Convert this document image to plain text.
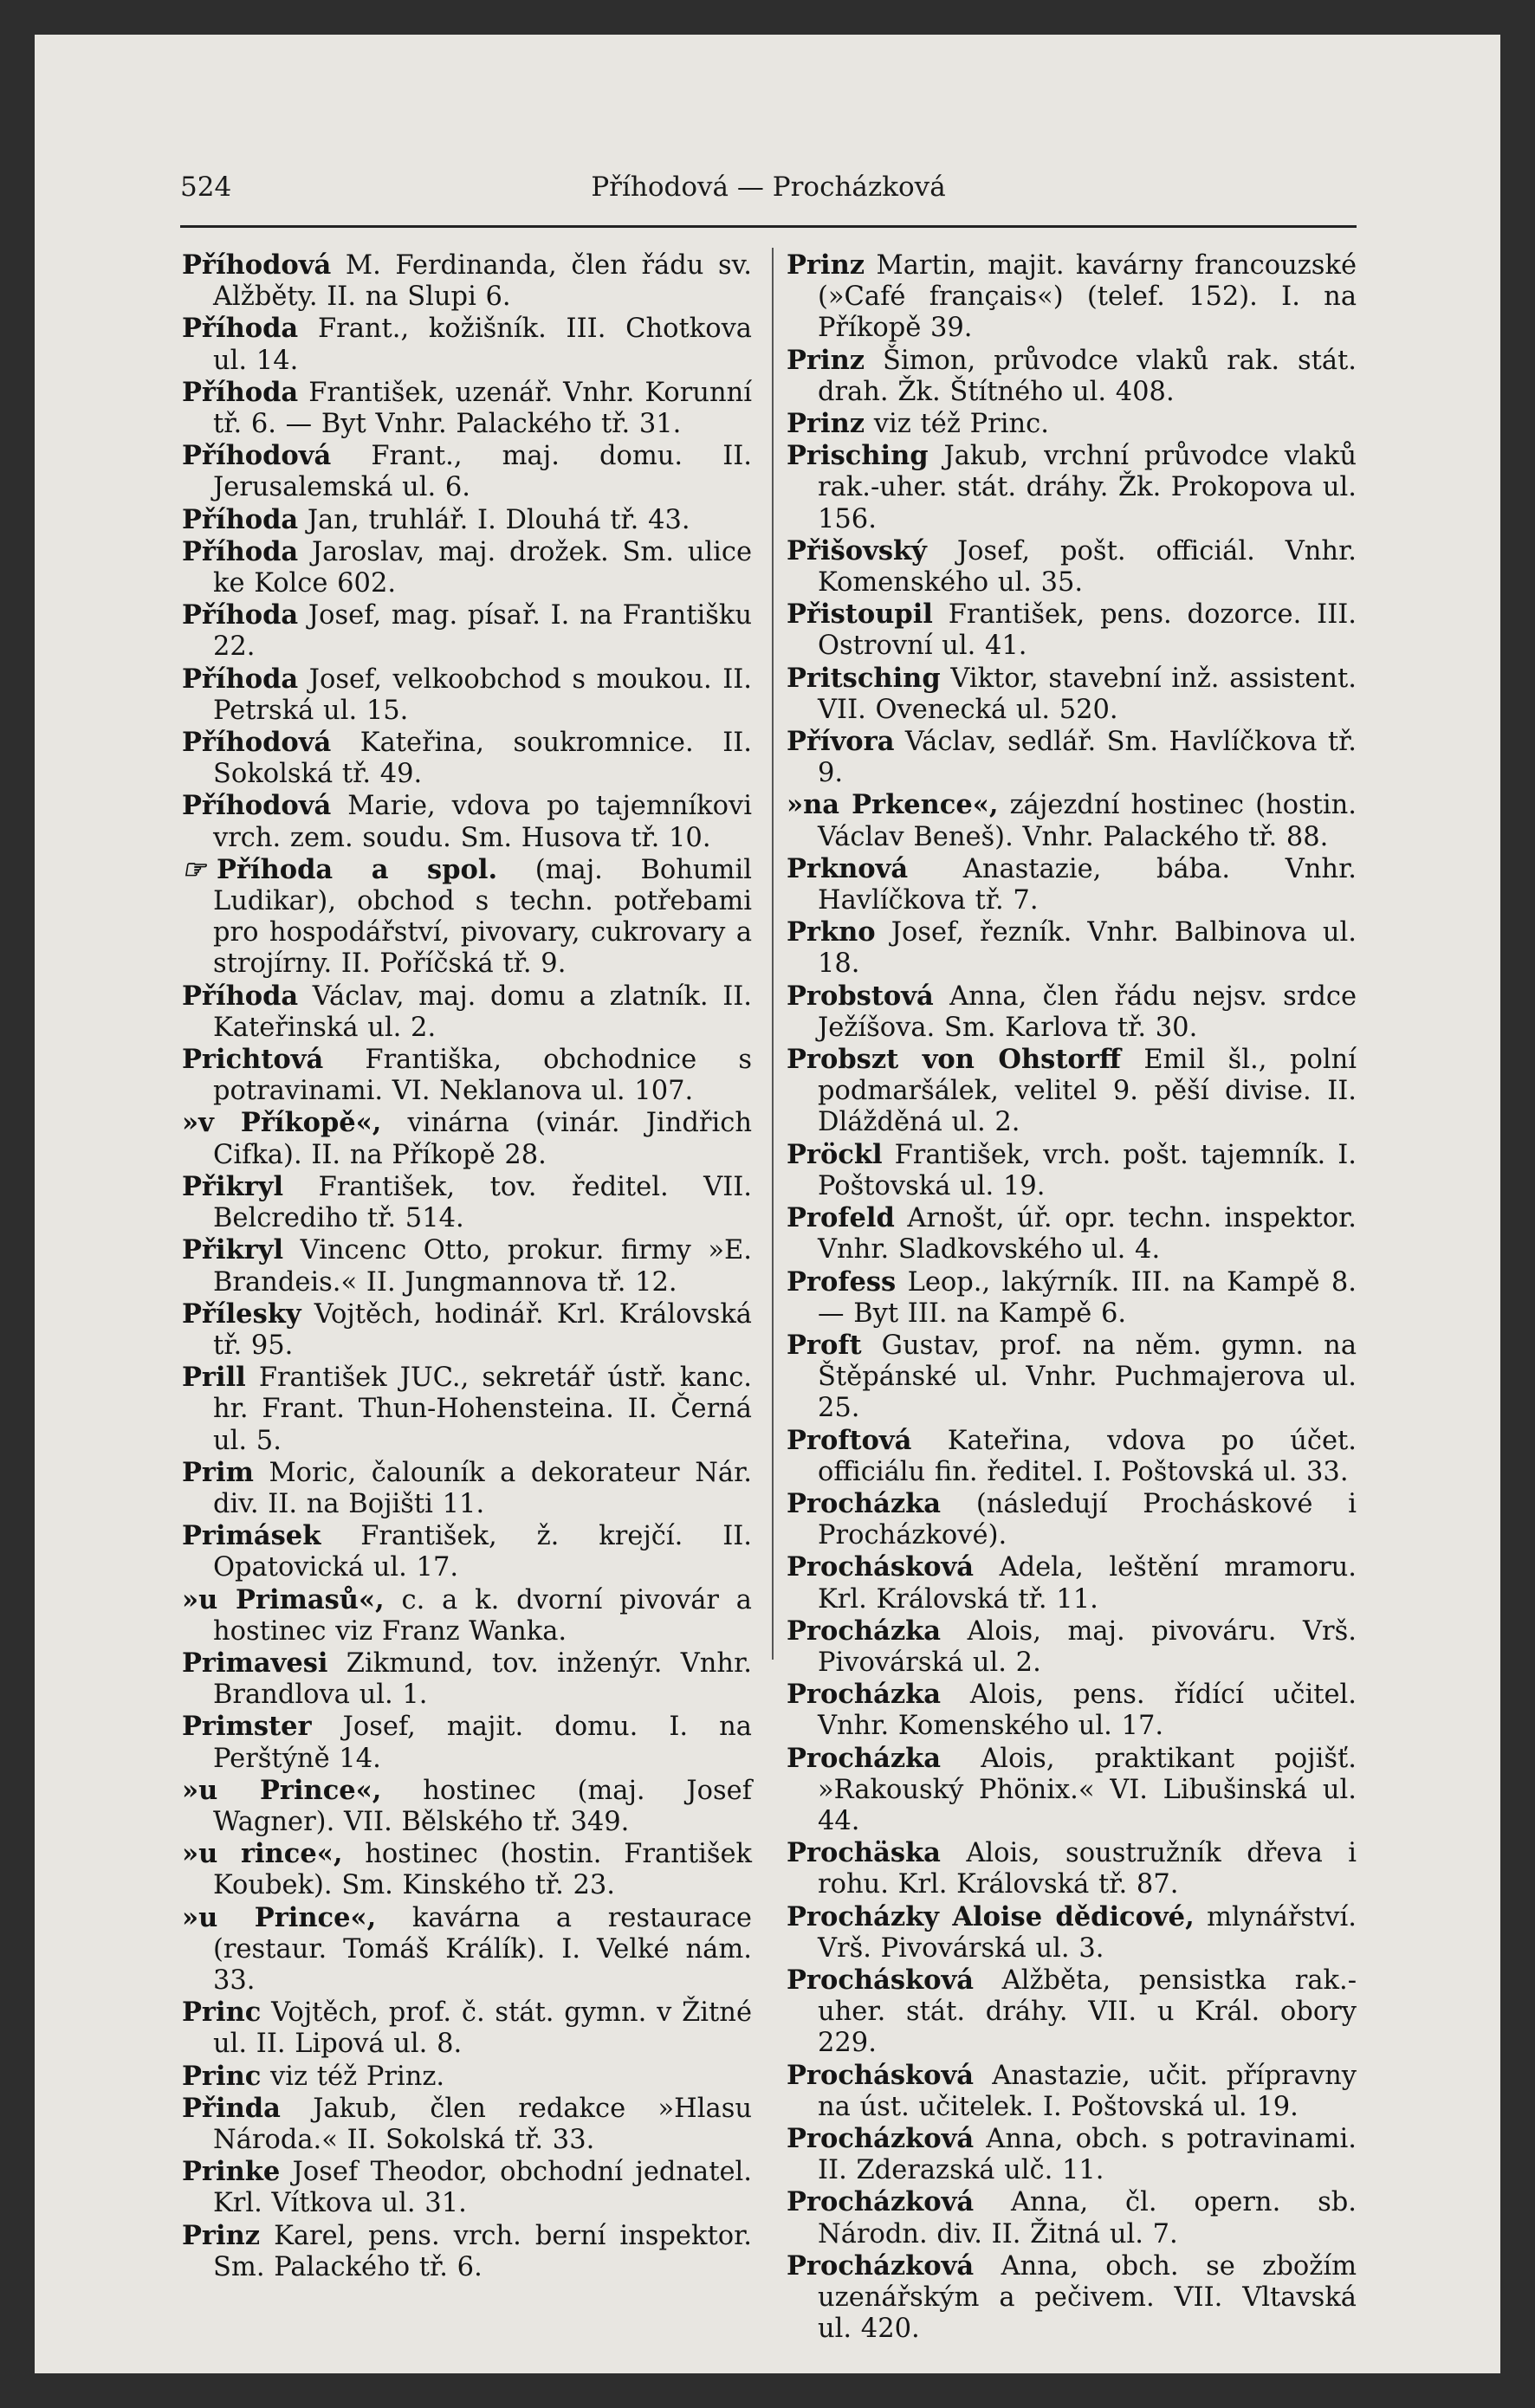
524	Příhodová — Procházková

Příhodová M. Ferdinanda, člen řádu sv. Alžběty. II. na Slupi 6.

Příhoda Frant., kožišník. III. Chotkova ul. 14.

Příhoda František, uzenář. Vnhr. Korunní tř. 6. — Byt Vnhr. Palackého tř. 31.

Příhodová Frant., maj. domu. II. Jerusalemská ul. 6.

Příhoda Jan, truhlář. I. Dlouhá tř. 43.

Příhoda Jaroslav, maj. drožek. Sm. ulice ke Kolce 602.

Příhoda Josef, mag. písař. I. na Františku 22.

Příhoda Josef, velkoobchod s moukou. II. Petrská ul. 15.

Příhodová Kateřina, soukromnice. II. Sokolská tř. 49.

Příhodová Marie, vdova po tajemníkovi vrch. zem. soudu. Sm. Husova tř. 10.

☞ Příhoda a spol. (maj. Bohumil Ludikar), obchod s techn. potřebami pro hospodářství, pivovary, cukrovary a strojírny. II. Poříčská tř. 9.

Příhoda Václav, maj. domu a zlatník. II. Kateřinská ul. 2.

Prichtová Františka, obchodnice s potravinami. VI. Neklanova ul. 107.

»v Příkopě«, vinárna (vinár. Jindřich Cifka). II. na Příkopě 28.

Přikryl František, tov. ředitel. VII. Belcrediho tř. 514.

Přikryl Vincenc Otto, prokur. firmy »E. Brandeis.« II. Jungmannova tř. 12.

Přílesky Vojtěch, hodinář. Krl. Královská tř. 95.

Prill František JUC., sekretář ústř. kanc. hr. Frant. Thun-Hohensteina. II. Černá ul. 5.

Prim Moric, čalouník a dekorateur Nár. div. II. na Bojišti 11.

Primásek František, ž. krejčí. II. Opatovická ul. 17.

»u Primasů«, c. a k. dvorní pivovár a hostinec viz Franz Wanka.

Primavesi Zikmund, tov. inženýr. Vnhr. Brandlova ul. 1.

Primster Josef, majit. domu. I. na Perštýně 14.

»u Prince«, hostinec (maj. Josef Wagner). VII. Bělského tř. 349.

»u rince«, hostinec (hostin. František Koubek). Sm. Kinského tř. 23.

»u Prince«, kavárna a restaurace (restaur. Tomáš Králík). I. Velké nám. 33.

Princ Vojtěch, prof. č. stát. gymn. v Žitné ul. II. Lipová ul. 8.

Princ viz též Prinz.

Přinda Jakub, člen redakce »Hlasu Národa.« II. Sokolská tř. 33.

Prinke Josef Theodor, obchodní jednatel. Krl. Vítkova ul. 31.

Prinz Karel, pens. vrch. berní inspektor. Sm. Palackého tř. 6.

Prinz Martin, majit. kavárny francouzské (»Café français«) (telef. 152). I. na Příkopě 39.

Prinz Šimon, průvodce vlaků rak. stát. drah. Žk. Štítného ul. 408.

Prinz viz též Princ.

Prisching Jakub, vrchní průvodce vlaků rak.-uher. stát. dráhy. Žk. Prokopova ul. 156.

Přišovský Josef, pošt. officiál. Vnhr. Komenského ul. 35.

Přistoupil František, pens. dozorce. III. Ostrovní ul. 41.

Pritsching Viktor, stavební inž. assistent. VII. Ovenecká ul. 520.

Přívora Václav, sedlář. Sm. Havlíčkova tř. 9.

»na Prkence«, zájezdní hostinec (hostin. Václav Beneš). Vnhr. Palackého tř. 88.

Prknová Anastazie, bába. Vnhr. Havlíčkova tř. 7.

Prkno Josef, řezník. Vnhr. Balbinova ul. 18.

Probstová Anna, člen řádu nejsv. srdce Ježíšova. Sm. Karlova tř. 30.

Probszt von Ohstorff Emil šl., polní podmaršálek, velitel 9. pěší divise. II. Dlážděná ul. 2.

Pröckl František, vrch. pošt. tajemník. I. Poštovská ul. 19.

Profeld Arnošt, úř. opr. techn. inspektor. Vnhr. Sladkovského ul. 4.

Profess Leop., lakýrník. III. na Kampě 8. — Byt III. na Kampě 6.

Proft Gustav, prof. na něm. gymn. na Štěpánské ul. Vnhr. Puchmajerova ul. 25.

Proftová Kateřina, vdova po účet. officiálu fin. ředitel. I. Poštovská ul. 33.

Procházka (následují Procháskové i Procházkové).

Prochásková Adela, leštění mramoru. Krl. Královská tř. 11.

Procházka Alois, maj. pivováru. Vrš. Pivovárská ul. 2.

Procházka Alois, pens. řídící učitel. Vnhr. Komenského ul. 17.

Procházka Alois, praktikant pojišť. »Rakouský Phönix.« VI. Libušinská ul. 44.

Prochäska Alois, soustružník dřeva i rohu. Krl. Královská tř. 87.

Procházky Aloise dědicové, mlynářství. Vrš. Pivovárská ul. 3.

Prochásková Alžběta, pensistka rak.-uher. stát. dráhy. VII. u Král. obory 229.

Prochásková Anastazie, učit. přípravny na úst. učitelek. I. Poštovská ul. 19.

Procházková Anna, obch. s potravinami. II. Zderazská ulč. 11.

Procházková Anna, čl. opern. sb. Národn. div. II. Žitná ul. 7.

Procházková Anna, obch. se zbožím uzenářským a pečivem. VII. Vltavská ul. 420.
